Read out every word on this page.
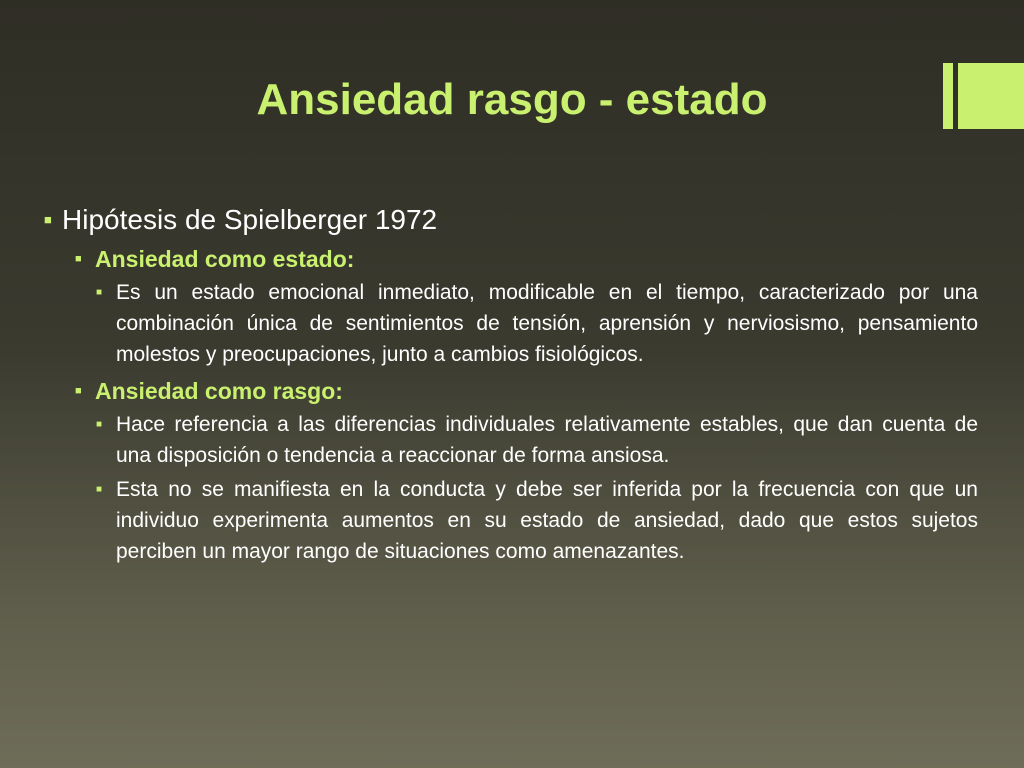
Ansiedad rasgo - estado
■ Hipótesis de Spielberger 1972
■ Ansiedad como estado:
■ Es un estado emocional inmediato, modificable en el tiempo, caracterizado por una combinación única de sentimientos de tensión, aprensión y nerviosismo, pensamiento molestos y preocupaciones, junto a cambios fisiológicos.
■ Ansiedad como rasgo:
■ Hace referencia a las diferencias individuales relativamente estables, que dan cuenta de una disposición o tendencia a reaccionar de forma ansiosa.
■ Esta no se manifiesta en la conducta y debe ser inferida por la frecuencia con que un individuo experimenta aumentos en su estado de ansiedad, dado que estos sujetos perciben un mayor rango de situaciones como amenazantes.
